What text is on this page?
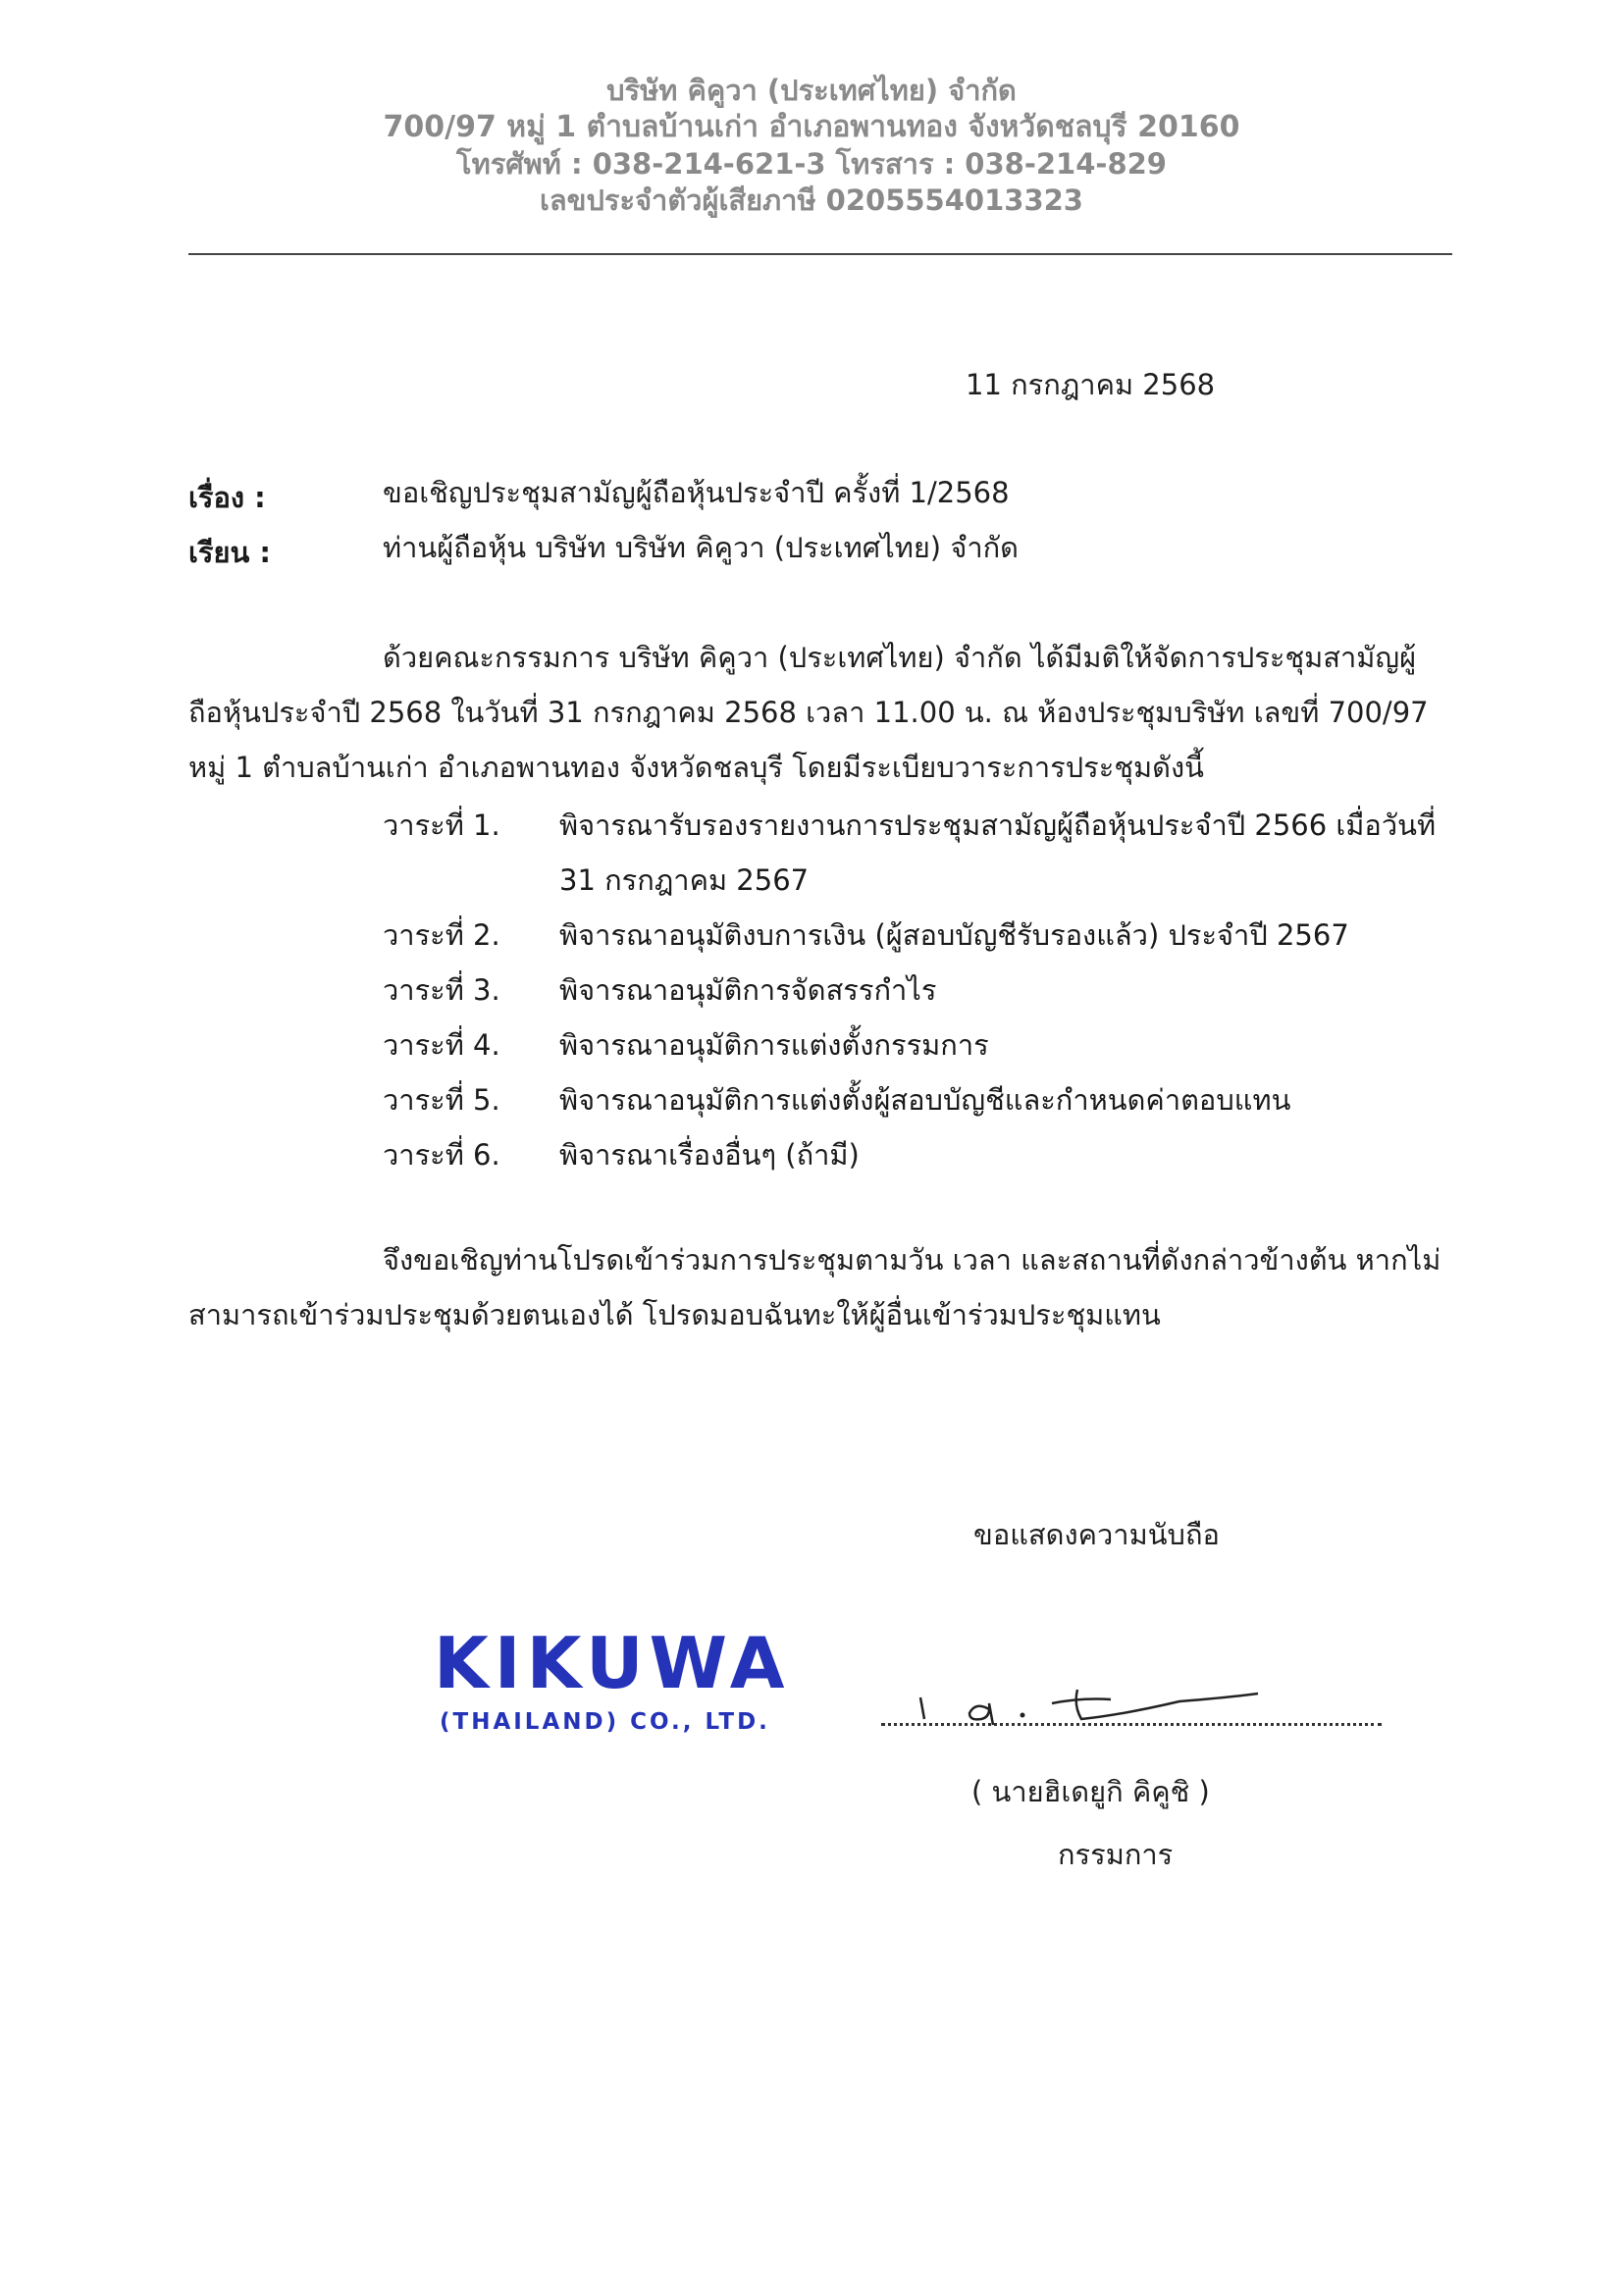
บริษัท คิคูวา (ประเทศไทย) จำกัด
700/97 หมู่ 1 ตำบลบ้านเก่า อำเภอพานทอง จังหวัดชลบุรี 20160
โทรศัพท์ : 038-214-621-3 โทรสาร : 038-214-829
เลขประจำตัวผู้เสียภาษี 0205554013323
11 กรกฎาคม 2568
เรื่อง :	ขอเชิญประชุมสามัญผู้ถือหุ้นประจำปี ครั้งที่ 1/2568
เรียน :	ท่านผู้ถือหุ้น บริษัท บริษัท คิคูวา (ประเทศไทย) จำกัด
ด้วยคณะกรรมการ บริษัท คิคูวา (ประเทศไทย) จำกัด ได้มีมติให้จัดการประชุมสามัญผู้
ถือหุ้นประจำปี 2568 ในวันที่ 31 กรกฎาคม 2568 เวลา 11.00 น. ณ ห้องประชุมบริษัท เลขที่ 700/97
หมู่ 1 ตำบลบ้านเก่า อำเภอพานทอง จังหวัดชลบุรี โดยมีระเบียบวาระการประชุมดังนี้
วาระที่ 1. พิจารณารับรองรายงานการประชุมสามัญผู้ถือหุ้นประจำปี 2566 เมื่อวันที่
31 กรกฎาคม 2567
วาระที่ 2. พิจารณาอนุมัติงบการเงิน (ผู้สอบบัญชีรับรองแล้ว) ประจำปี 2567
วาระที่ 3. พิจารณาอนุมัติการจัดสรรกำไร
วาระที่ 4. พิจารณาอนุมัติการแต่งตั้งกรรมการ
วาระที่ 5. พิจารณาอนุมัติการแต่งตั้งผู้สอบบัญชีและกำหนดค่าตอบแทน
วาระที่ 6. พิจารณาเรื่องอื่นๆ (ถ้ามี)
จึงขอเชิญท่านโปรดเข้าร่วมการประชุมตามวัน เวลา และสถานที่ดังกล่าวข้างต้น หากไม่
สามารถเข้าร่วมประชุมด้วยตนเองได้ โปรดมอบฉันทะให้ผู้อื่นเข้าร่วมประชุมแทน
ขอแสดงความนับถือ
KIKUWA
(THAILAND) CO., LTD.
( นายฮิเดยูกิ คิคูชิ )
กรรมการ
